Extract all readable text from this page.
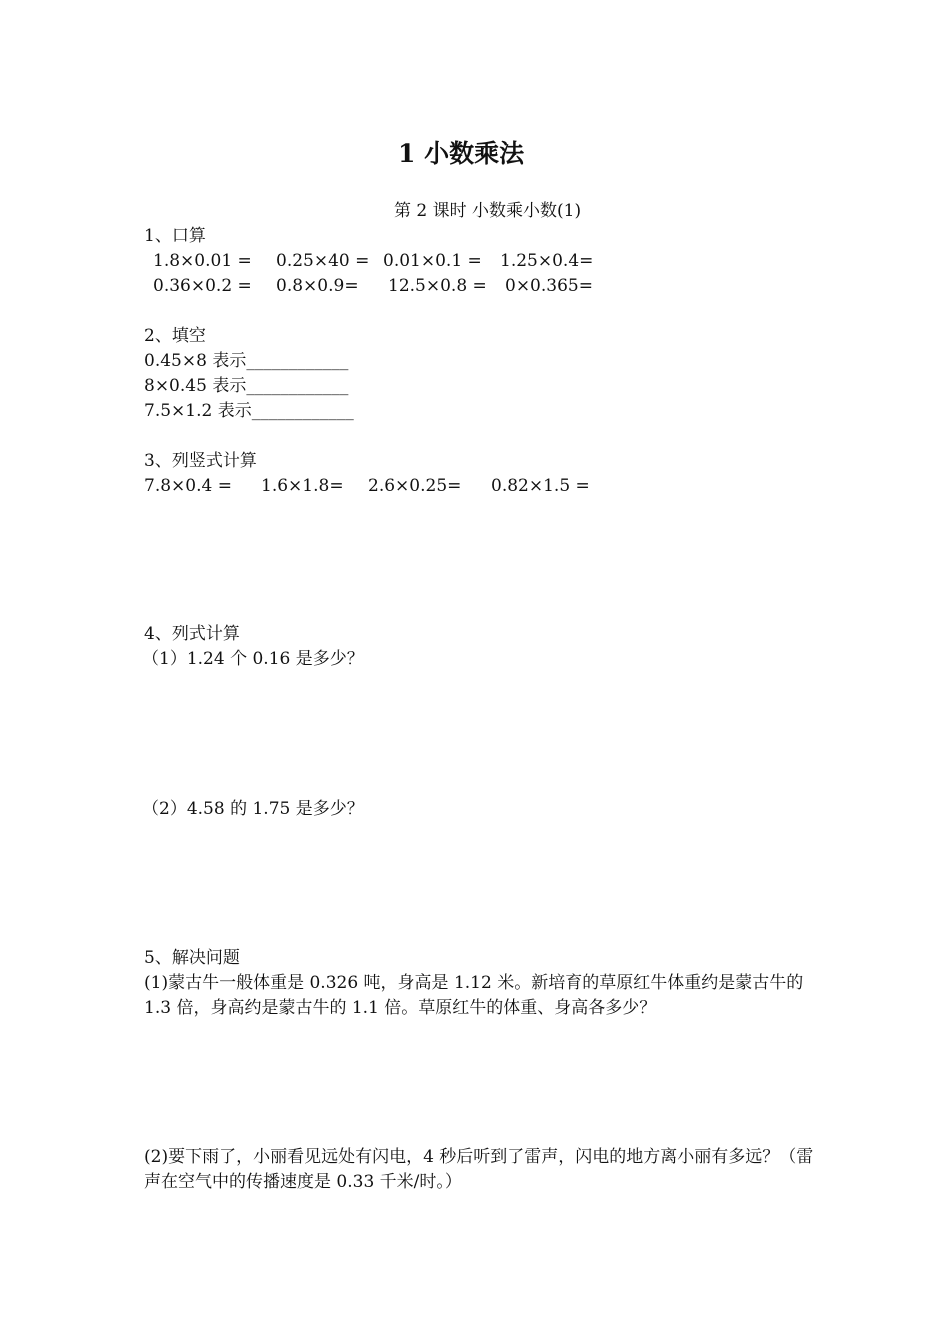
1 小数乘法
第 2 课时 小数乘小数(1)
1、口算
1.8×0.01 = 0.25×40 = 0.01×0.1 = 1.25×0.4=
0.36×0.2 = 0.8×0.9= 12.5×0.8 = 0×0.365=
2、填空
0.45×8 表示____________
8×0.45 表示____________
7.5×1.2 表示____________
3、列竖式计算
7.8×0.4 = 1.6×1.8= 2.6×0.25= 0.82×1.5 =
4、列式计算
（1）1.24 个 0.16 是多少？
（2）4.58 的 1.75 是多少？
5、解决问题
(1)蒙古牛一般体重是 0.326 吨，身高是 1.12 米。新培育的草原红牛体重约是蒙古牛的 1.3 倍，身高约是蒙古牛的 1.1 倍。草原红牛的体重、身高各多少？
(2)要下雨了，小丽看见远处有闪电，4 秒后听到了雷声，闪电的地方离小丽有多远？（雷声在空气中的传播速度是 0.33 千米/时。）
